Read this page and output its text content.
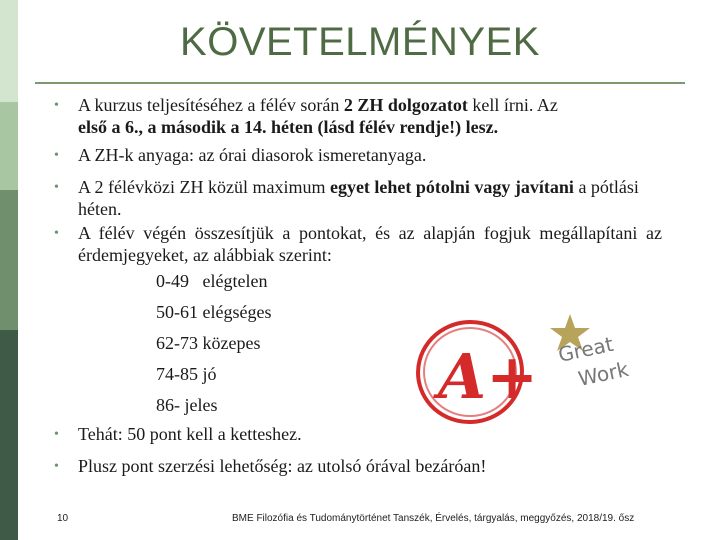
KÖVETELMÉNYEK
• A kurzus teljesítéséhez a félév során 2 ZH dolgozatot kell írni. Az
első a 6., a második a 14. héten (lásd félév rendje!) lesz.
• A ZH-k anyaga: az órai diasorok ismeretanyaga.
• A 2 félévközi ZH közül maximum egyet lehet pótolni vagy javítani a pótlási héten.
• A félév végén összesítjük a pontokat, és az alapján fogjuk megállapítani az érdemjegyeket, az alábbiak szerint:
0-49   elégtelen
50-61 elégséges
62-73 közepes
74-85 jó
86- jeles
• Tehát: 50 pont kell a ketteshez.
• Plusz pont szerzési lehetőség: az utolsó órával bezáróan!
A+ Great
Work
10	BME Filozófia és Tudománytörténet Tanszék, Érvelés, tárgyalás, meggyőzés, 2018/19. ősz
